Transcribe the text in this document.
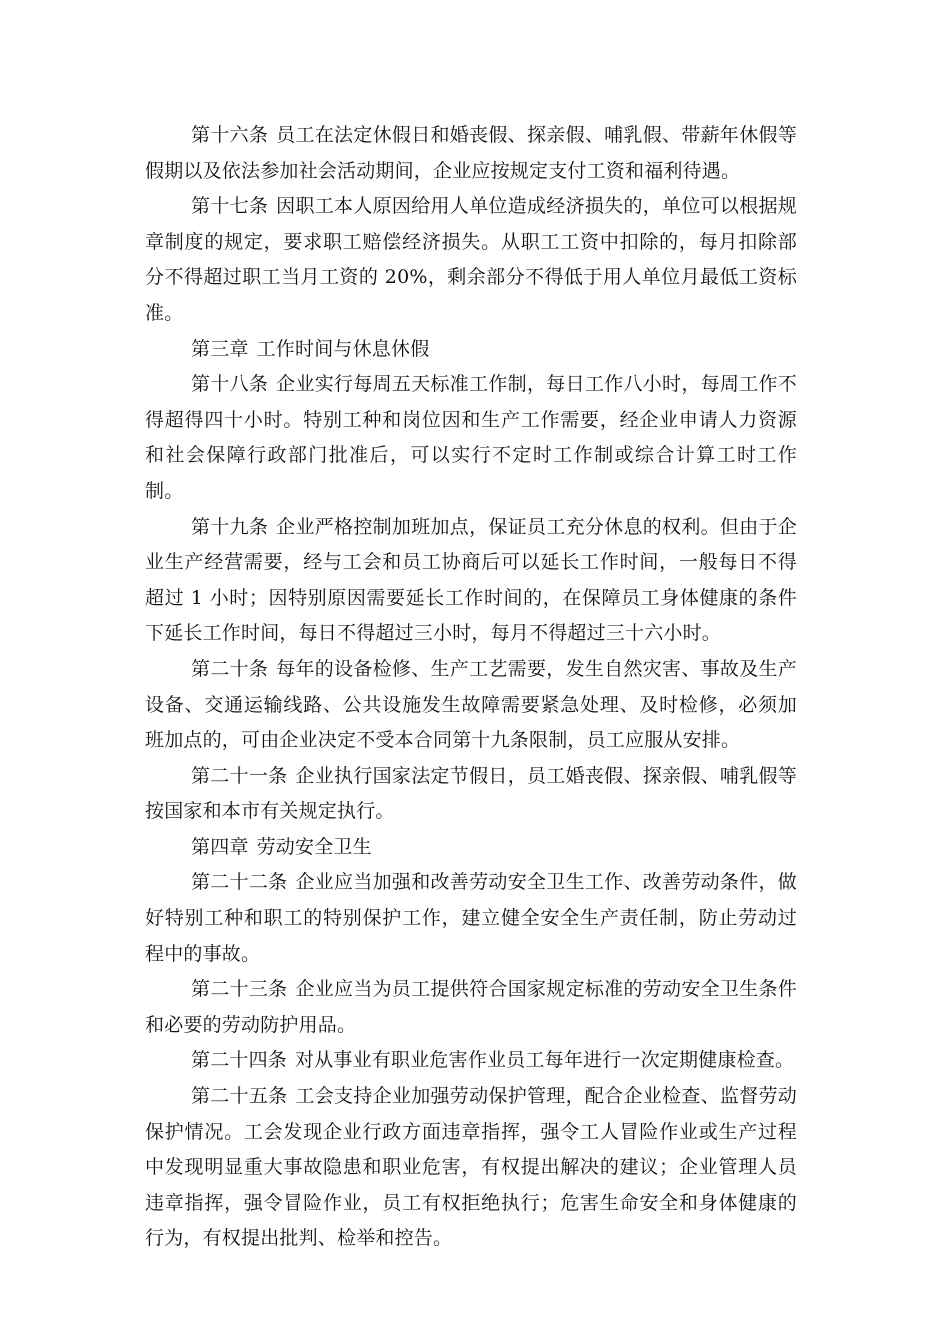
第十六条 员工在法定休假日和婚丧假、探亲假、哺乳假、带薪年休假等假期以及依法参加社会活动期间，企业应按规定支付工资和福利待遇。

第十七条 因职工本人原因给用人单位造成经济损失的，单位可以根据规章制度的规定，要求职工赔偿经济损失。从职工工资中扣除的，每月扣除部分不得超过职工当月工资的 20%，剩余部分不得低于用人单位月最低工资标准。

第三章 工作时间与休息休假

第十八条 企业实行每周五天标准工作制，每日工作八小时，每周工作不得超得四十小时。特别工种和岗位因和生产工作需要，经企业申请人力资源和社会保障行政部门批准后，可以实行不定时工作制或综合计算工时工作制。

第十九条 企业严格控制加班加点，保证员工充分休息的权利。但由于企业生产经营需要，经与工会和员工协商后可以延长工作时间，一般每日不得超过 1 小时；因特别原因需要延长工作时间的，在保障员工身体健康的条件下延长工作时间，每日不得超过三小时，每月不得超过三十六小时。

第二十条 每年的设备检修、生产工艺需要，发生自然灾害、事故及生产设备、交通运输线路、公共设施发生故障需要紧急处理、及时检修，必须加班加点的，可由企业决定不受本合同第十九条限制，员工应服从安排。

第二十一条 企业执行国家法定节假日，员工婚丧假、探亲假、哺乳假等按国家和本市有关规定执行。

第四章 劳动安全卫生

第二十二条 企业应当加强和改善劳动安全卫生工作、改善劳动条件，做好特别工种和职工的特别保护工作，建立健全安全生产责任制，防止劳动过程中的事故。

第二十三条 企业应当为员工提供符合国家规定标准的劳动安全卫生条件和必要的劳动防护用品。

第二十四条 对从事业有职业危害作业员工每年进行一次定期健康检查。

第二十五条 工会支持企业加强劳动保护管理，配合企业检查、监督劳动保护情况。工会发现企业行政方面违章指挥，强令工人冒险作业或生产过程中发现明显重大事故隐患和职业危害，有权提出解决的建议；企业管理人员违章指挥，强令冒险作业，员工有权拒绝执行；危害生命安全和身体健康的行为，有权提出批判、检举和控告。
